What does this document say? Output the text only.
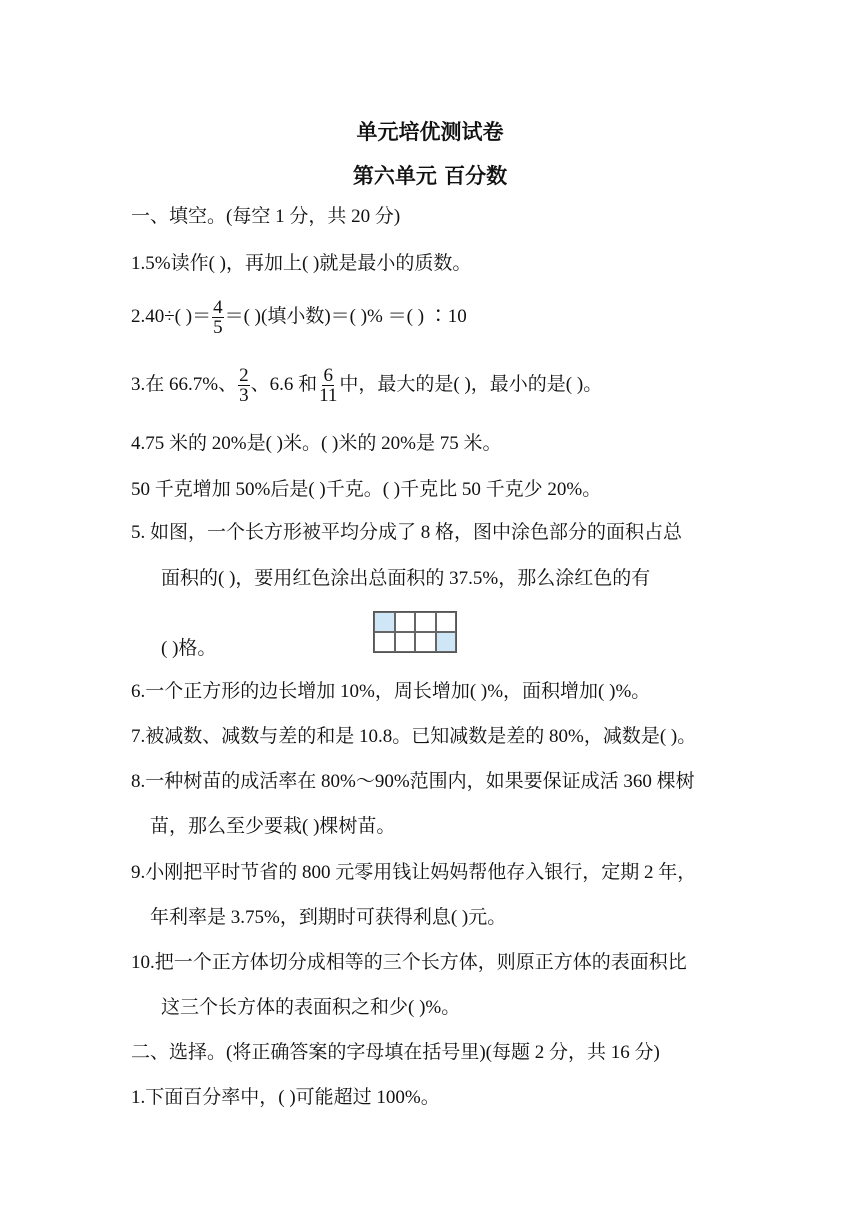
单元培优测试卷
第六单元 百分数
一、填空。(每空 1 分，共 20 分)
1.5%读作( )，再加上( )就是最小的质数。
2.40÷( )＝ $\frac{4}{5}$ ＝( )(填小数)＝( )% ＝( ) ∶10
3.在 66.7%、 $\frac{2}{3}$ 、6.6 和 $\frac{6}{11}$ 中，最大的是( )，最小的是( )。
4.75 米的 20%是( )米。( )米的 20%是 75 米。
50 千克增加 50%后是( )千克。( )千克比 50 千克少 20%。
5. 如图，一个长方形被平均分成了 8 格，图中涂色部分的面积占总
面积的( )，要用红色涂出总面积的 37.5%，那么涂红色的有
( )格。
6.一个正方形的边长增加 10%，周长增加( )%，面积增加( )%。
7.被减数、减数与差的和是 10.8。已知减数是差的 80%，减数是( )。
8.一种树苗的成活率在 80%～90%范围内，如果要保证成活 360 棵树
苗，那么至少要栽( )棵树苗。
9.小刚把平时节省的 800 元零用钱让妈妈帮他存入银行，定期 2 年，
年利率是 3.75%，到期时可获得利息( )元。
10.把一个正方体切分成相等的三个长方体，则原正方体的表面积比
这三个长方体的表面积之和少( )%。
二、选择。(将正确答案的字母填在括号里)(每题 2 分，共 16 分)
1.下面百分率中，( )可能超过 100%。
